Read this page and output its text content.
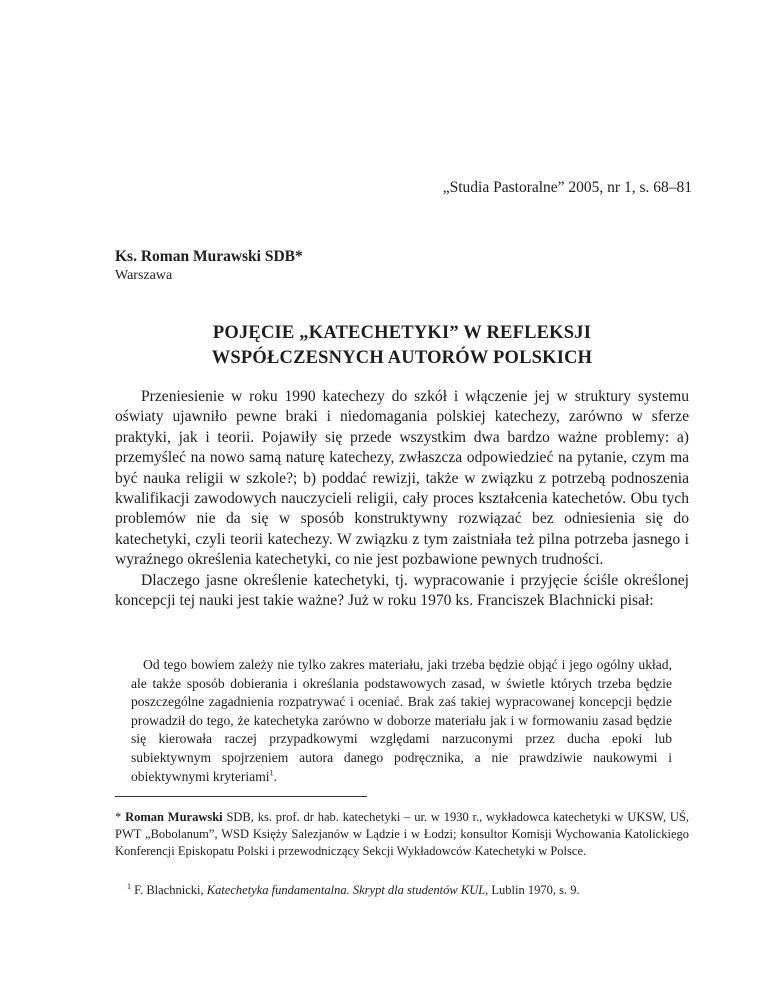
„Studia Pastoralne” 2005, nr 1, s. 68–81
Ks. Roman Murawski SDB*
Warszawa
POJĘCIE „KATECHETYKI” W REFLEKSJI
WSPÓŁCZESNYCH AUTORÓW POLSKICH

Przeniesienie w roku 1990 katechezy do szkół i włączenie jej w struktury systemu oświaty ujawniło pewne braki i niedomagania polskiej katechezy, zarówno w sferze praktyki, jak i teorii. Pojawiły się przede wszystkim dwa bardzo ważne problemy: a) przemyśleć na nowo samą naturę katechezy, zwłaszcza odpowiedzieć na pytanie, czym ma być nauka religii w szkole?; b) poddać rewizji, także w związku z potrzebą podnoszenia kwalifikacji zawodowych nauczycieli religii, cały proces kształcenia katechetów. Obu tych problemów nie da się w sposób konstruktywny rozwiązać bez odniesienia się do katechetyki, czyli teorii katechezy. W związku z tym zaistniała też pilna potrzeba jasnego i wyraźnego określenia katechetyki, co nie jest pozbawione pewnych trudności.

Dlaczego jasne określenie katechetyki, tj. wypracowanie i przyjęcie ściśle określonej koncepcji tej nauki jest takie ważne? Już w roku 1970 ks. Franciszek Blachnicki pisał:

Od tego bowiem zależy nie tylko zakres materiału, jaki trzeba będzie objąć i jego ogólny układ, ale także sposób dobierania i określania podstawowych zasad, w świetle których trzeba będzie poszczególne zagadnienia rozpatrywać i oceniać. Brak zaś takiej wypracowanej koncepcji będzie prowadził do tego, że katechetyka zarówno w doborze materiału jak i w formowaniu zasad będzie się kierowała raczej przypadkowymi względami narzuconymi przez ducha epoki lub subiektywnym spojrzeniem autora danego podręcznika, a nie prawdziwie naukowymi i obiektywnymi kryteriami$^1$.

* Roman Murawski SDB, ks. prof. dr hab. katechetyki – ur. w 1930 r., wykładowca katechetyki w UKSW, UŚ, PWT „Bobolanum”, WSD Księży Salezjanów w Lądzie i w Łodzi; konsultor Komisji Wychowania Katolickiego Konferencji Episkopatu Polski i przewodniczący Sekcji Wykładowców Katechetyki w Polsce.

$^1$ F. Blachnicki, Katechetyka fundamentalna. Skrypt dla studentów KUL, Lublin 1970, s. 9.
